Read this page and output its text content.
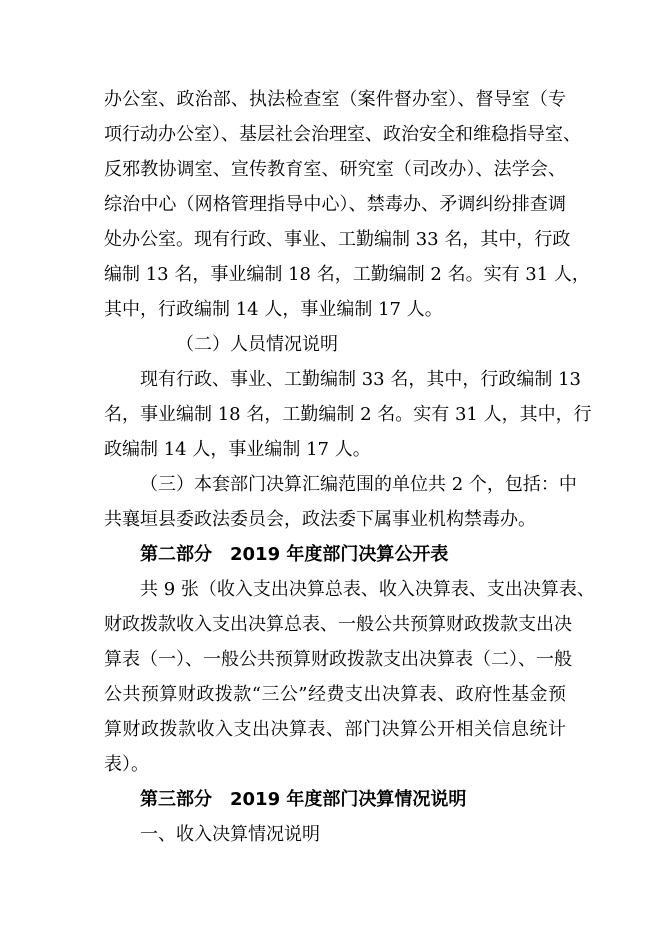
办公室、政治部、执法检查室（案件督办室）、督导室（专
项行动办公室）、基层社会治理室、政治安全和维稳指导室、
反邪教协调室、宣传教育室、研究室（司改办）、法学会、
综治中心（网格管理指导中心）、禁毒办、矛调纠纷排查调
处办公室。现有行政、事业、工勤编制 33 名，其中，行政
编制 13 名，事业编制 18 名，工勤编制 2 名。实有 31 人，
其中，行政编制 14 人，事业编制 17 人。
（二）人员情况说明
现有行政、事业、工勤编制 33 名，其中，行政编制 13
名，事业编制 18 名，工勤编制 2 名。实有 31 人，其中，行
政编制 14 人，事业编制 17 人。
（三）本套部门决算汇编范围的单位共 2 个，包括：中
共襄垣县委政法委员会，政法委下属事业机构禁毒办。
第二部分　2019 年度部门决算公开表
共 9 张（收入支出决算总表、收入决算表、支出决算表、
财政拨款收入支出决算总表、一般公共预算财政拨款支出决
算表（一）、一般公共预算财政拨款支出决算表（二）、一般
公共预算财政拨款“三公”经费支出决算表、政府性基金预
算财政拨款收入支出决算表、部门决算公开相关信息统计
表）。
第三部分　2019 年度部门决算情况说明
一、收入决算情况说明
